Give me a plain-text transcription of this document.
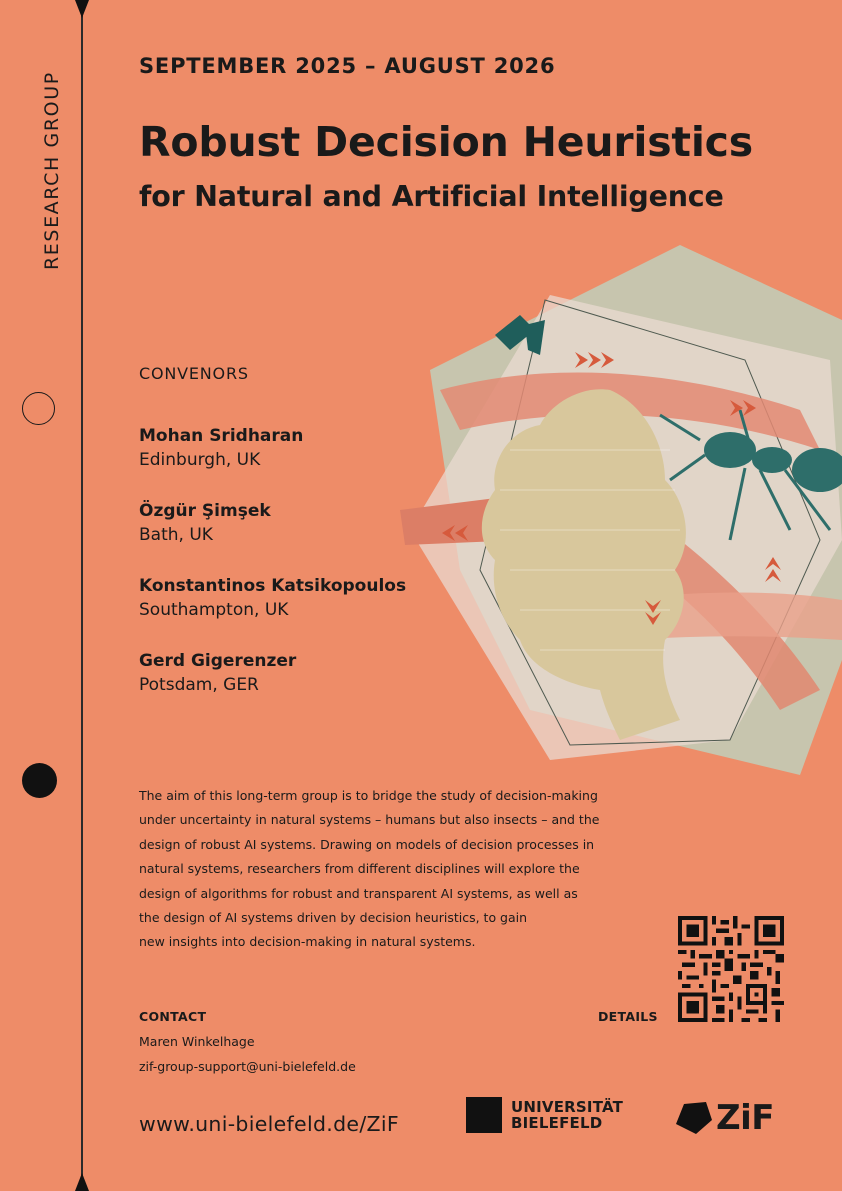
RESEARCH GROUP
SEPTEMBER 2025 – AUGUST 2026
Robust Decision Heuristics
for Natural and Artificial Intelligence
CONVENORS
Mohan Sridharan
Edinburgh, UK
Özgür Şimşek
Bath, UK
Konstantinos Katsikopoulos
Southampton, UK
Gerd Gigerenzer
Potsdam, GER

The aim of this long-term group is to bridge the study of decision-making

under uncertainty in natural systems – humans but also insects – and the

design of robust AI systems. Drawing on models of decision processes in

natural systems, researchers from different disciplines will explore the

design of algorithms for robust and transparent AI systems, as well as

the design of AI systems driven by decision heuristics, to gain

new insights into decision-making in natural systems.

CONTACT
Maren Winkelhage
zif-group-support@uni-bielefeld.de
DETAILS
www.uni-bielefeld.de/ZiF
UNIVERSITÄT
BIELEFELD	ZiF
